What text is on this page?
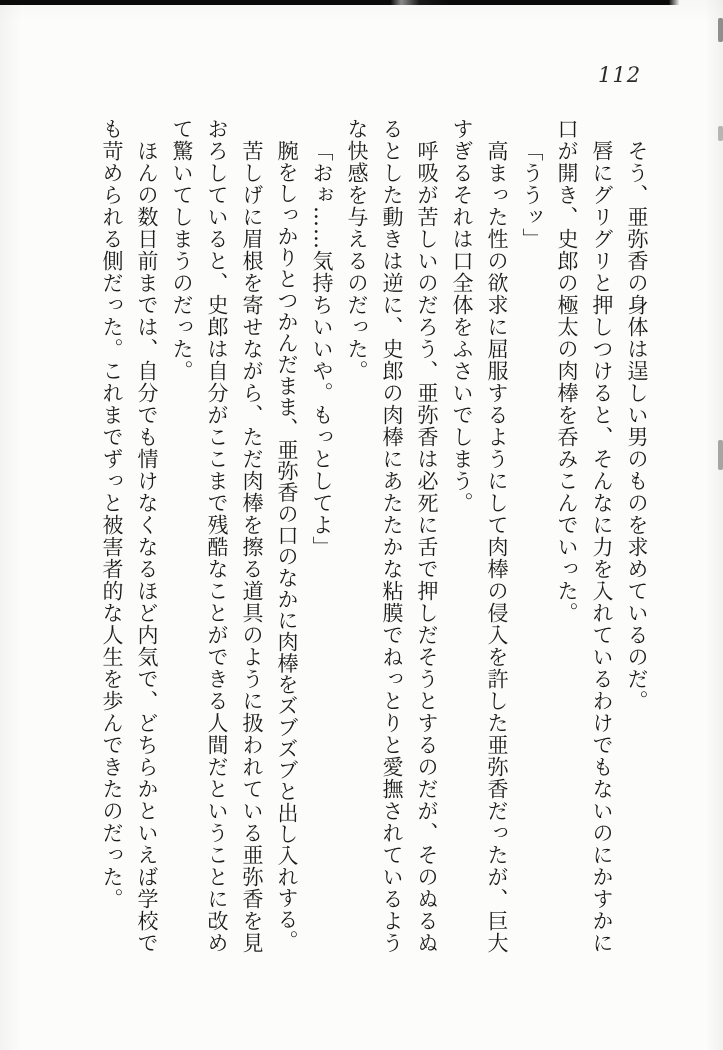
112
そう、亜弥香の身体は逞しい男のものを求めているのだ。
唇にグリグリと押しつけると、そんなに力を入れているわけでもないのにかすかに
口が開き、史郎の極太の肉棒を呑みこんでいった。
「ううッ」
高まった性の欲求に屈服するようにして肉棒の侵入を許した亜弥香だったが、巨大
すぎるそれは口全体をふさいでしまう。
呼吸が苦しいのだろう、亜弥香は必死に舌で押しだそうとするのだが、そのぬるぬ
るとした動きは逆に、史郎の肉棒にあたたかな粘膜でねっとりと愛撫されているよう
な快感を与えるのだった。
「おぉ……気持ちいいや。もっとしてよ」
腕をしっかりとつかんだまま、亜弥香の口のなかに肉棒をズブズブと出し入れする。
苦しげに眉根を寄せながら、ただ肉棒を擦る道具のように扱われている亜弥香を見
おろしていると、史郎は自分がここまで残酷なことができる人間だということに改め
て驚いてしまうのだった。
ほんの数日前までは、自分でも情けなくなるほど内気で、どちらかといえば学校で
も苛められる側だった。これまでずっと被害者的な人生を歩んできたのだった。
